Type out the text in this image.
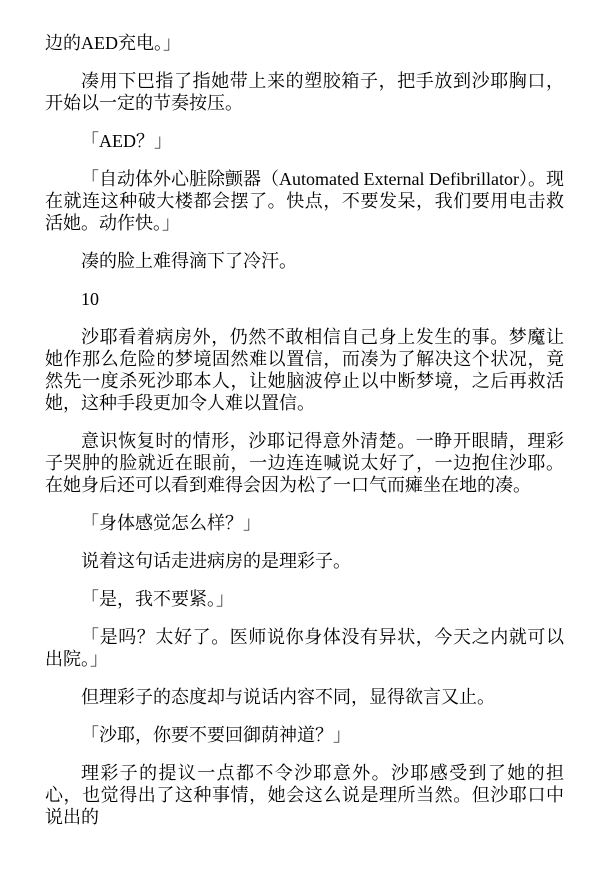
边的AED充电。」

凑用下巴指了指她带上来的塑胶箱子，把手放到沙耶胸口，开始以一定的节奏按压。

「AED？」

「自动体外心脏除颤器（Automated External Defibrillator）。现在就连这种破大楼都会摆了。快点，不要发呆，我们要用电击救活她。动作快。」

凑的脸上难得滴下了冷汗。

10

沙耶看着病房外，仍然不敢相信自己身上发生的事。梦魔让她作那么危险的梦境固然难以置信，而凑为了解决这个状况，竟然先一度杀死沙耶本人，让她脑波停止以中断梦境，之后再救活她，这种手段更加令人难以置信。

意识恢复时的情形，沙耶记得意外清楚。一睁开眼睛，理彩子哭肿的脸就近在眼前，一边连连喊说太好了，一边抱住沙耶。在她身后还可以看到难得会因为松了一口气而瘫坐在地的凑。

「身体感觉怎么样？」

说着这句话走进病房的是理彩子。

「是，我不要紧。」

「是吗？太好了。医师说你身体没有异状，今天之内就可以出院。」

但理彩子的态度却与说话内容不同，显得欲言又止。

「沙耶，你要不要回御荫神道？」

理彩子的提议一点都不令沙耶意外。沙耶感受到了她的担心，也觉得出了这种事情，她会这么说是理所当然。但沙耶口中说出的
